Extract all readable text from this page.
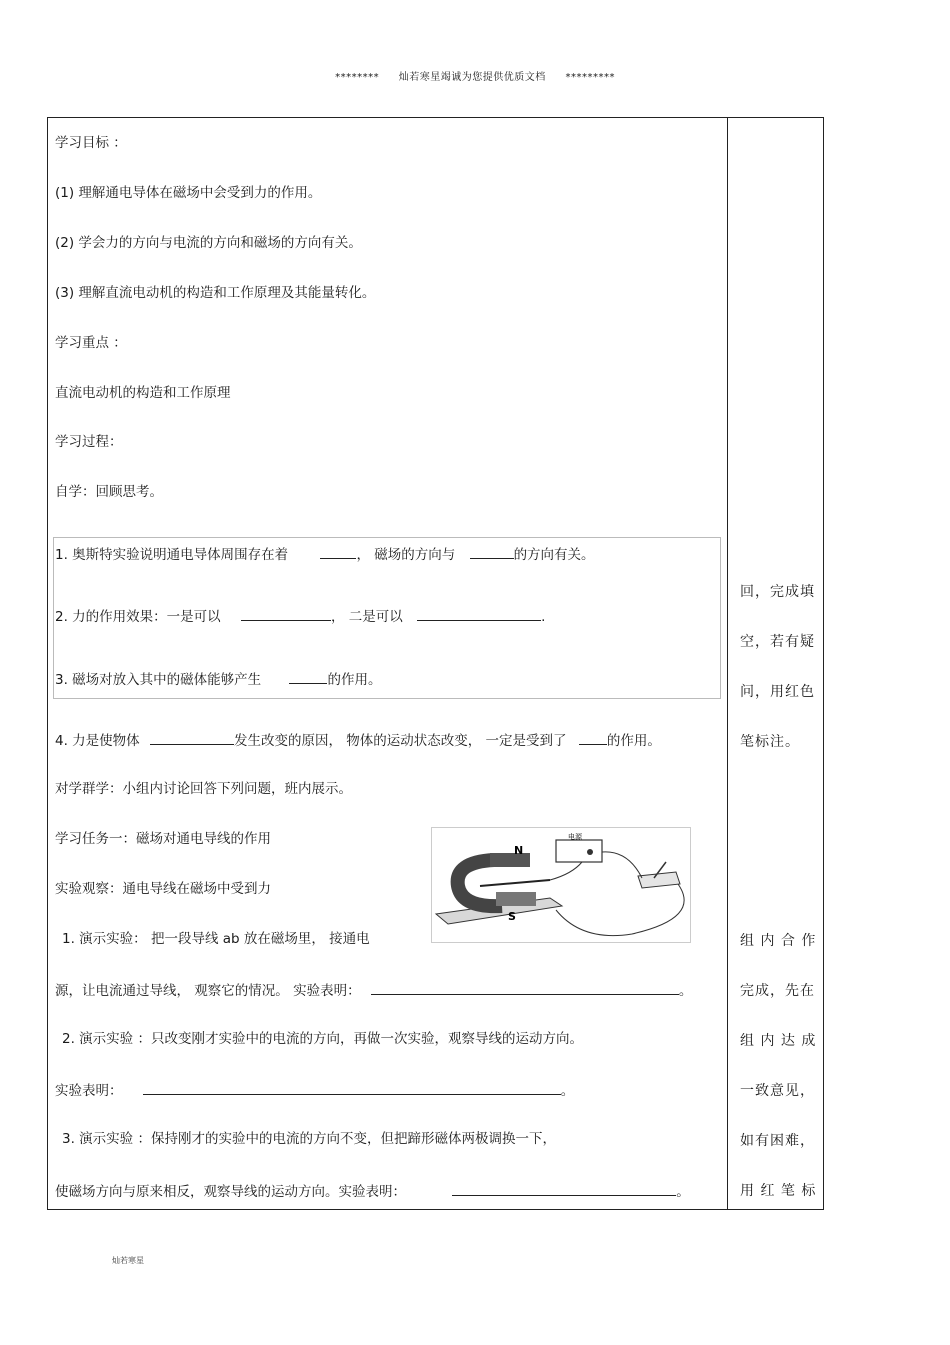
******** 灿若寒星竭诚为您提供优质文档 *********
学习目标 ：
(1) 理解通电导体在磁场中会受到力的作用。
(2) 学会力的方向与电流的方向和磁场的方向有关。
(3) 理解直流电动机的构造和工作原理及其能量转化。
学习重点 ：
直流电动机的构造和工作原理
学习过程：
自学：回顾思考。
1. 奥斯特实验说明通电导体周围存在着	， 磁场的方向与	的方向有关。
2. 力的作用效果：一是可以	， 二是可以	.
3. 磁场对放入其中的磁体能够产生	的作用。
4. 力是使物体	发生改变的原因， 物体的运动状态改变， 一定是受到了	的作用。
对学群学：小组内讨论回答下列问题，班内展示。
学习任务一：磁场对通电导线的作用
实验观察：通电导线在磁场中受到力
N
S
电源
1. 演示实验： 把一段导线 ab 放在磁场里， 接通电
源，让电流通过导线， 观察它的情况。 实验表明：	。
2. 演示实验 ：只改变刚才实验中的电流的方向，再做一次实验，观察导线的运动方向。
实验表明：	。
3. 演示实验 ：保持刚才的实验中的电流的方向不变，但把蹄形磁体两极调换一下，
使磁场方向与原来相反，观察导线的运动方向。实验表明：	。
回，完成填
空，若有疑
问，用红色
笔标注。
组 内 合 作
完成，先在
组 内 达 成
一致意见，
如有困难，
用 红 笔 标
灿若寒星
